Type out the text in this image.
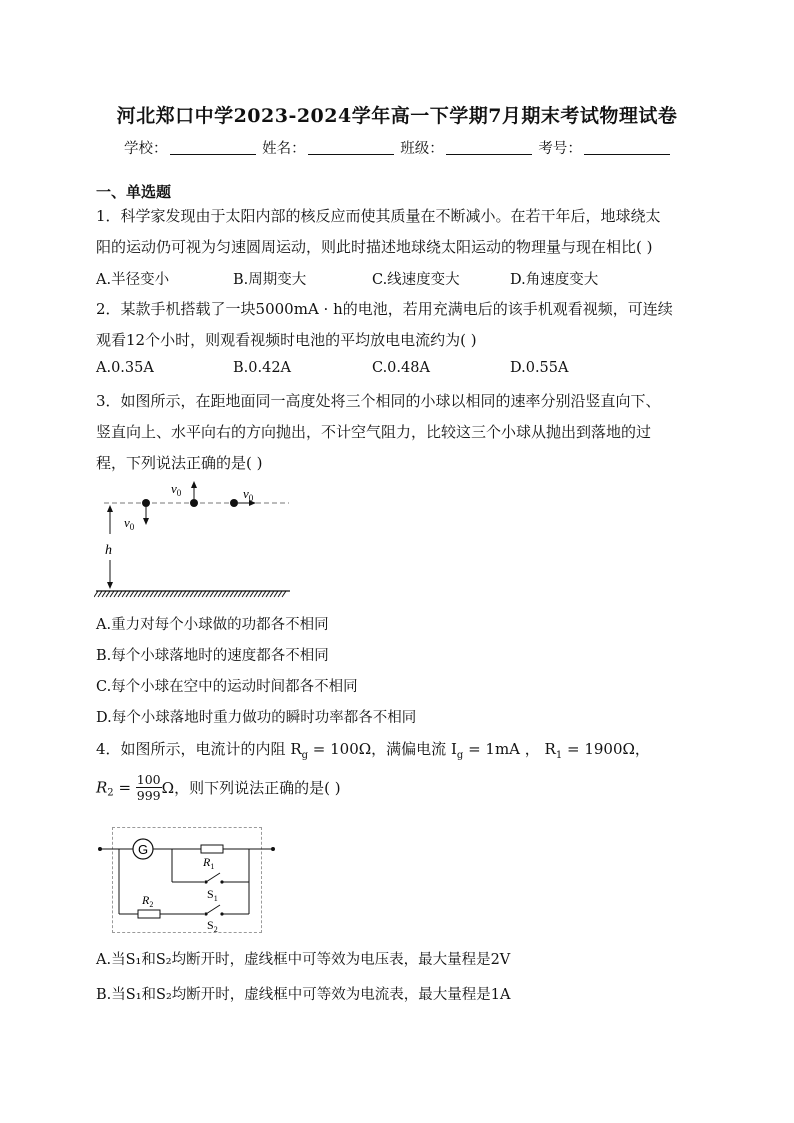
河北郑口中学2023-2024学年高一下学期7月期末考试物理试卷
学校：	姓名：	班级：	考号：
一、单选题
1．科学家发现由于太阳内部的核反应而使其质量在不断减小。在若干年后，地球绕太
阳的运动仍可视为匀速圆周运动，则此时描述地球绕太阳运动的物理量与现在相比( )
A.半径变小	B.周期变大	C.线速度变大	D.角速度变大
2．某款手机搭载了一块5000mA · h的电池，若用充满电后的该手机观看视频，可连续
观看12个小时，则观看视频时电池的平均放电电流约为( )
A.0.35A	B.0.42A	C.0.48A	D.0.55A
3．如图所示，在距地面同一高度处将三个相同的小球以相同的速率分别沿竖直向下、
竖直向上、水平向右的方向抛出，不计空气阻力，比较这三个小球从抛出到落地的过
程，下列说法正确的是( )
h
$v_0$
$v_0$	$v_0$
A.重力对每个小球做的功都各不相同
B.每个小球落地时的速度都各不相同
C.每个小球在空中的运动时间都各不相同
D.每个小球落地时重力做功的瞬时功率都各不相同
4．如图所示，电流计的内阻 $R_g = 100\Omega$，满偏电流 $I_g = 1mA$ ， $R_1 = 1900\Omega$，
$R_2 = \frac{100}{999}$ Ω，则下列说法正确的是( )
G
$R_1$
$S_1$
$R_2$
$S_2$
A.当S₁和S₂均断开时，虚线框中可等效为电压表，最大量程是2V
B.当S₁和S₂均断开时，虚线框中可等效为电流表，最大量程是1A
